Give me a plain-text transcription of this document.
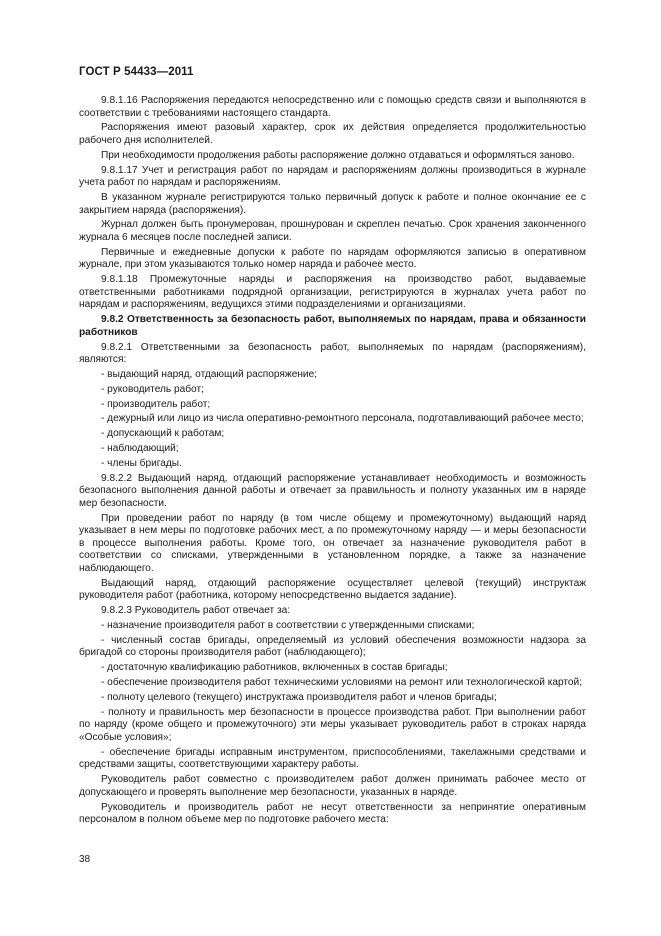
ГОСТ Р 54433—2011

9.8.1.16 Распоряжения передаются непосредственно или с помощью средств связи и выполняются в соответствии с требованиями настоящего стандарта.

Распоряжения имеют разовый характер, срок их действия определяется продолжительностью рабочего дня исполнителей.

При необходимости продолжения работы распоряжение должно отдаваться и оформляться заново.

9.8.1.17 Учет и регистрация работ по нарядам и распоряжениям должны производиться в журнале учета работ по нарядам и распоряжениям.

В указанном журнале регистрируются только первичный допуск к работе и полное окончание ее с закрытием наряда (распоряжения).

Журнал должен быть пронумерован, прошнурован и скреплен печатью. Срок хранения законченного журнала 6 месяцев после последней записи.

Первичные и ежедневные допуски к работе по нарядам оформляются записью в оперативном журнале, при этом указываются только номер наряда и рабочее место.

9.8.1.18 Промежуточные наряды и распоряжения на производство работ, выдаваемые ответственными работниками подрядной организации, регистрируются в журналах учета работ по нарядам и распоряжениям, ведущихся этими подразделениями и организациями.

9.8.2 Ответственность за безопасность работ, выполняемых по нарядам, права и обязанности работников

9.8.2.1 Ответственными за безопасность работ, выполняемых по нарядам (распоряжениям), являются:

- выдающий наряд, отдающий распоряжение;

- руководитель работ;

- производитель работ;

- дежурный или лицо из числа оперативно-ремонтного персонала, подготавливающий рабочее место;

- допускающий к работам;

- наблюдающий;

- члены бригады.

9.8.2.2 Выдающий наряд, отдающий распоряжение устанавливает необходимость и возможность безопасного выполнения данной работы и отвечает за правильность и полноту указанных им в наряде мер безопасности.

При проведении работ по наряду (в том числе общему и промежуточному) выдающий наряд указывает в нем меры по подготовке рабочих мест, а по промежуточному наряду — и меры безопасности в процессе выполнения работы. Кроме того, он отвечает за назначение руководителя работ в соответствии со списками, утвержденными в установленном порядке, а также за назначение наблюдающего.

Выдающий наряд, отдающий распоряжение осуществляет целевой (текущий) инструктаж руководителя работ (работника, которому непосредственно выдается задание).

9.8.2.3 Руководитель работ отвечает за:

- назначение производителя работ в соответствии с утвержденными списками;

- численный состав бригады, определяемый из условий обеспечения возможности надзора за бригадой со стороны производителя работ (наблюдающего);

- достаточную квалификацию работников, включенных в состав бригады;

- обеспечение производителя работ техническими условиями на ремонт или технологической картой;

- полноту целевого (текущего) инструктажа производителя работ и членов бригады;

- полноту и правильность мер безопасности в процессе производства работ. При выполнении работ по наряду (кроме общего и промежуточного) эти меры указывает руководитель работ в строках наряда «Особые условия»;

- обеспечение бригады исправным инструментом, приспособлениями, такелажными средствами и средствами защиты, соответствующими характеру работы.

Руководитель работ совместно с производителем работ должен принимать рабочее место от допускающего и проверять выполнение мер безопасности, указанных в наряде.

Руководитель и производитель работ не несут ответственности за непринятие оперативным персоналом в полном объеме мер по подготовке рабочего места:

38
